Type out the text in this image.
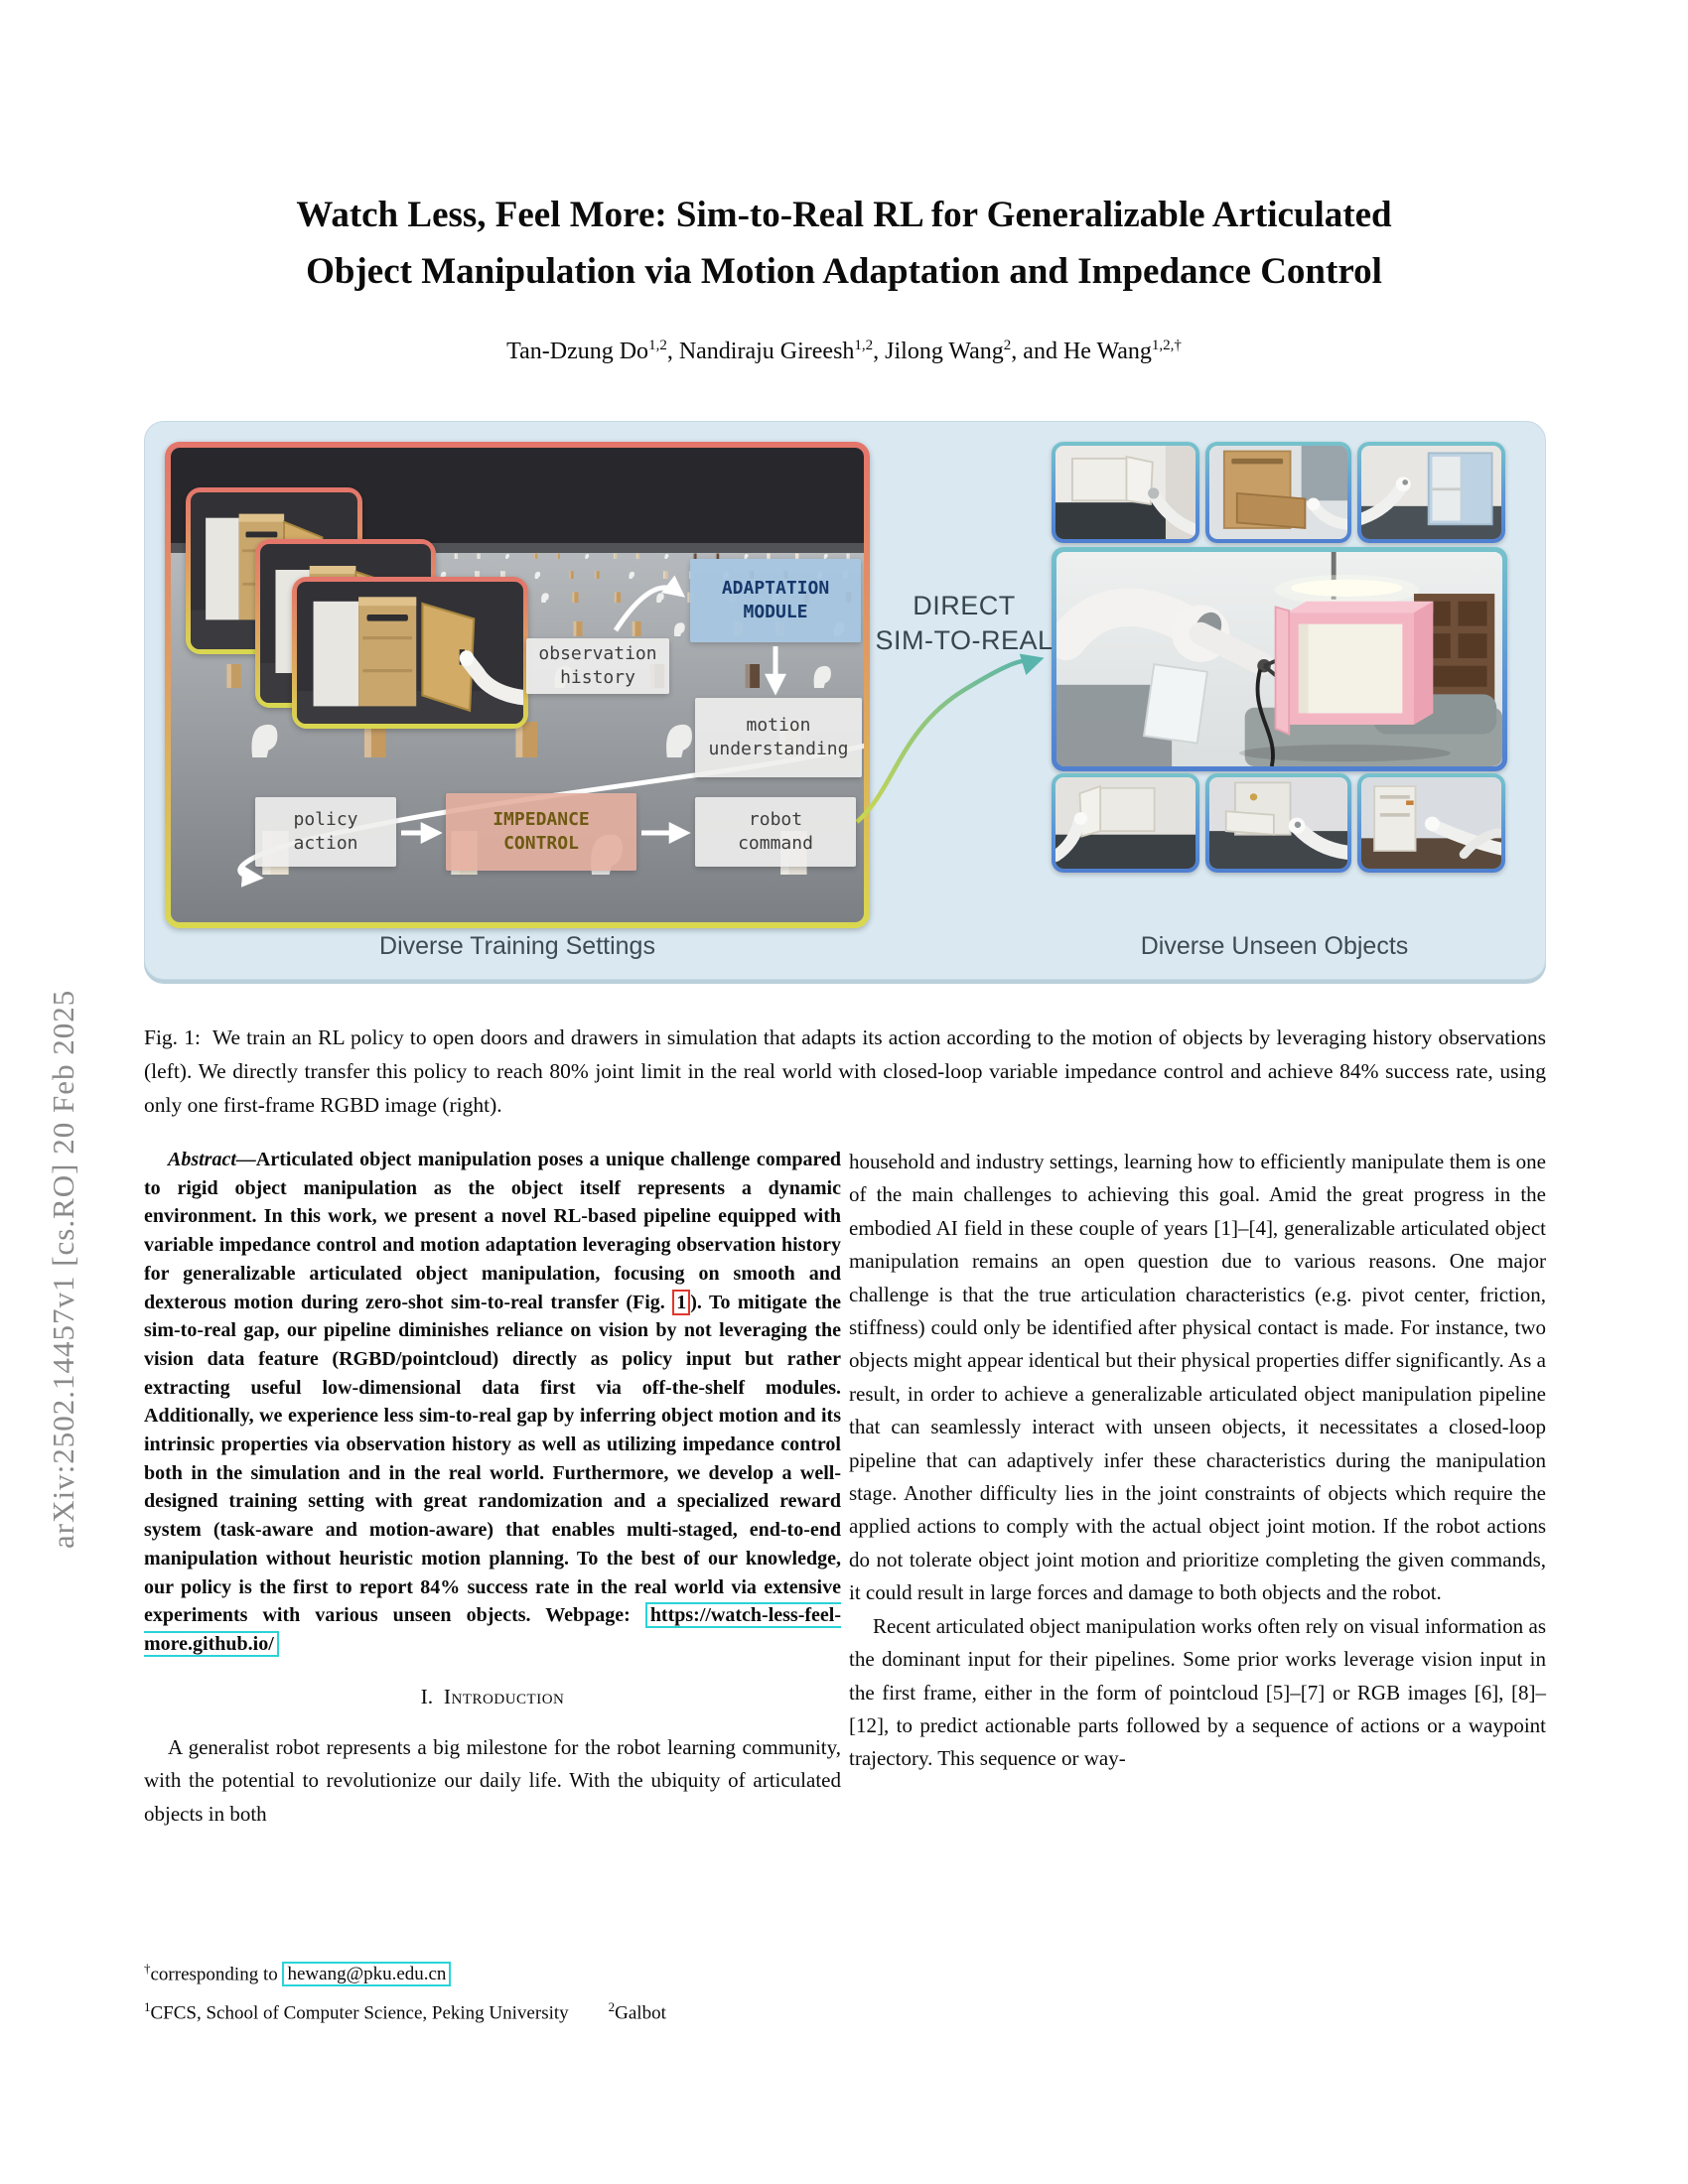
arXiv:2502.14457v1 [cs.RO] 20 Feb 2025
Watch Less, Feel More: Sim-to-Real RL for Generalizable Articulated
Object Manipulation via Motion Adaptation and Impedance Control
Tan-Dzung Do$^{1,2}$, Nandiraju Gireesh$^{1,2}$, Jilong Wang$^2$, and He Wang$^{1,2,\dagger}$
observation
history
ADAPTATION
MODULE
motion
understanding
policy
action
IMPEDANCE
CONTROL
robot
command
DIRECT
SIM-TO-REAL
Diverse Training Settings	Diverse Unseen Objects
Fig. 1: We train an RL policy to open doors and drawers in simulation that adapts its action according to the motion of objects by leveraging history observations (left). We directly transfer this policy to reach 80% joint limit in the real world with closed-loop variable impedance control and achieve 84% success rate, using only one first-frame RGBD image (right).

Abstract—Articulated object manipulation poses a unique challenge compared to rigid object manipulation as the object itself represents a dynamic environment. In this work, we present a novel RL-based pipeline equipped with variable impedance control and motion adaptation leveraging observation history for generalizable articulated object manipulation, focusing on smooth and dexterous motion during zero-shot sim-to-real transfer (Fig. 1 ). To mitigate the sim-to-real gap, our pipeline diminishes reliance on vision by not leveraging the vision data feature (RGBD/pointcloud) directly as policy input but rather extracting useful low-dimensional data first via off-the-shelf modules. Additionally, we experience less sim-to-real gap by inferring object motion and its intrinsic properties via observation history as well as utilizing impedance control both in the simulation and in the real world. Furthermore, we develop a well-designed training setting with great randomization and a specialized reward system (task-aware and motion-aware) that enables multi-staged, end-to-end manipulation without heuristic motion planning. To the best of our knowledge, our policy is the first to report 84% success rate in the real world via extensive experiments with various unseen objects. Webpage: https://watch-less-feel-more.github.io/

I. Introduction

A generalist robot represents a big milestone for the robot learning community, with the potential to revolutionize our daily life. With the ubiquity of articulated objects in both

household and industry settings, learning how to efficiently manipulate them is one of the main challenges to achieving this goal. Amid the great progress in the embodied AI field in these couple of years [1]–[4], generalizable articulated object manipulation remains an open question due to various reasons. One major challenge is that the true articulation characteristics (e.g. pivot center, friction, stiffness) could only be identified after physical contact is made. For instance, two objects might appear identical but their physical properties differ significantly. As a result, in order to achieve a generalizable articulated object manipulation pipeline that can seamlessly interact with unseen objects, it necessitates a closed-loop pipeline that can adaptively infer these characteristics during the manipulation stage. Another difficulty lies in the joint constraints of objects which require the applied actions to comply with the actual object joint motion. If the robot actions do not tolerate object joint motion and prioritize completing the given commands, it could result in large forces and damage to both objects and the robot.

Recent articulated object manipulation works often rely on visual information as the dominant input for their pipelines. Some prior works leverage vision input in the first frame, either in the form of pointcloud [5]–[7] or RGB images [6], [8]–[12], to predict actionable parts followed by a sequence of actions or a waypoint trajectory. This sequence or way-

†corresponding to hewang@pku.edu.cn
$^1$CFCS, School of Computer Science, Peking University	$^2$Galbot
